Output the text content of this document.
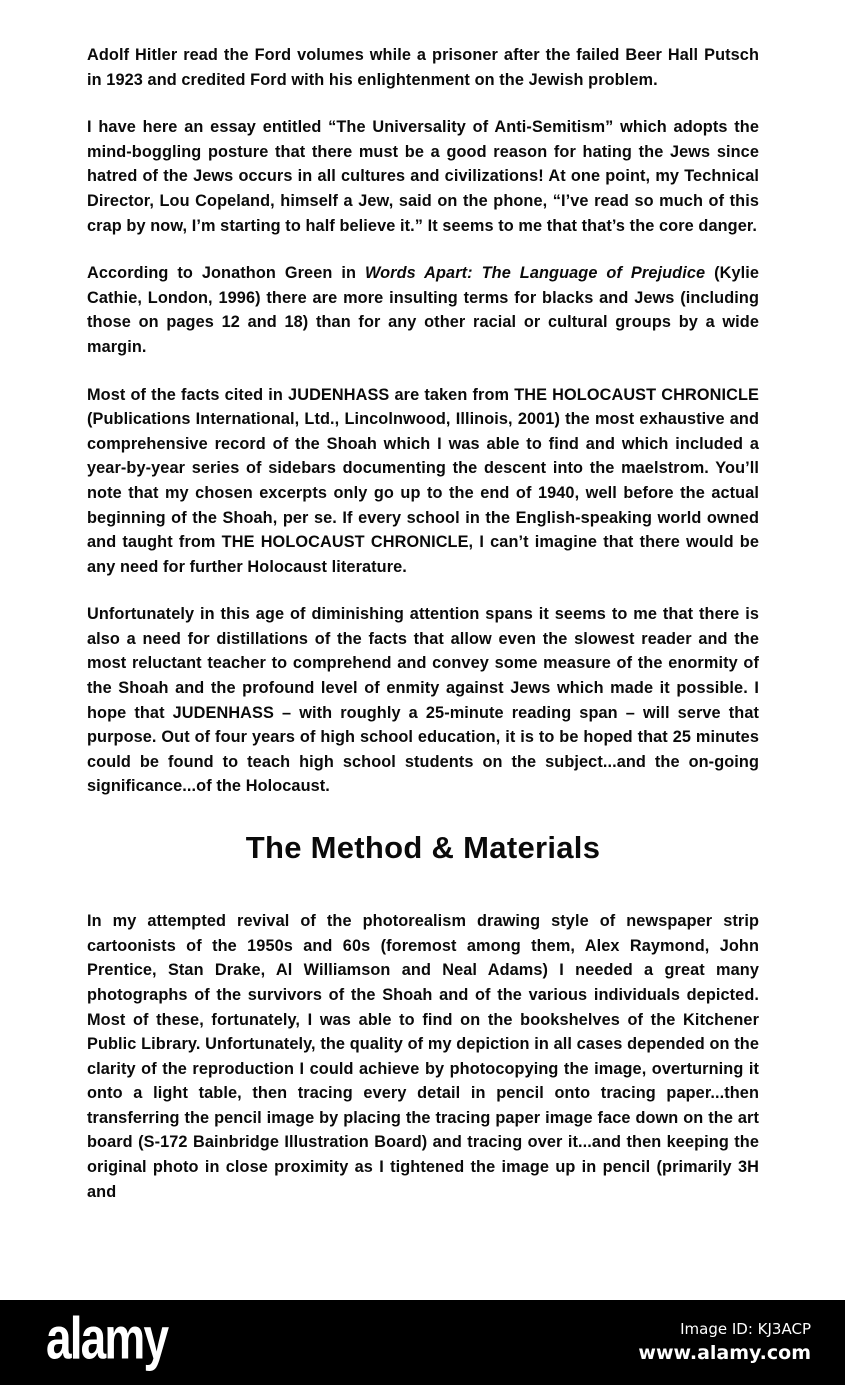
Adolf Hitler read the Ford volumes while a prisoner after the failed Beer Hall Putsch in 1923 and credited Ford with his enlightenment on the Jewish problem.

I have here an essay entitled “The Universality of Anti-Semitism” which adopts the mind-boggling posture that there must be a good reason for hating the Jews since hatred of the Jews occurs in all cultures and civilizations! At one point, my Technical Director, Lou Copeland, himself a Jew, said on the phone, “I’ve read so much of this crap by now, I’m starting to half believe it.” It seems to me that that’s the core danger.

According to Jonathon Green in Words Apart: The Language of Prejudice (Kylie Cathie, London, 1996) there are more insulting terms for blacks and Jews (including those on pages 12 and 18) than for any other racial or cultural groups by a wide margin.

Most of the facts cited in JUDENHASS are taken from THE HOLOCAUST CHRONICLE (Publications International, Ltd., Lincolnwood, Illinois, 2001) the most exhaustive and comprehensive record of the Shoah which I was able to find and which included a year-by-year series of sidebars documenting the descent into the maelstrom. You’ll note that my chosen excerpts only go up to the end of 1940, well before the actual beginning of the Shoah, per se. If every school in the English-speaking world owned and taught from THE HOLOCAUST CHRONICLE, I can’t imagine that there would be any need for further Holocaust literature.

Unfortunately in this age of diminishing attention spans it seems to me that there is also a need for distillations of the facts that allow even the slowest reader and the most reluctant teacher to comprehend and convey some measure of the enormity of the Shoah and the profound level of enmity against Jews which made it possible. I hope that JUDENHASS – with roughly a 25-minute reading span – will serve that purpose. Out of four years of high school education, it is to be hoped that 25 minutes could be found to teach high school students on the subject...and the on-going significance...of the Holocaust.

The Method & Materials

In my attempted revival of the photorealism drawing style of newspaper strip cartoonists of the 1950s and 60s (foremost among them, Alex Raymond, John Prentice, Stan Drake, Al Williamson and Neal Adams) I needed a great many photographs of the survivors of the Shoah and of the various individuals depicted. Most of these, fortunately, I was able to find on the bookshelves of the Kitchener Public Library. Unfortunately, the quality of my depiction in all cases depended on the clarity of the reproduction I could achieve by photocopying the image, overturning it onto a light table, then tracing every detail in pencil onto tracing paper...then transferring the pencil image by placing the tracing paper image face down on the art board (S-172 Bainbridge Illustration Board) and tracing over it...and then keeping the original photo in close proximity as I tightened the image up in pencil (primarily 3H and

alamy	Image ID: KJ3ACP
www.alamy.com
